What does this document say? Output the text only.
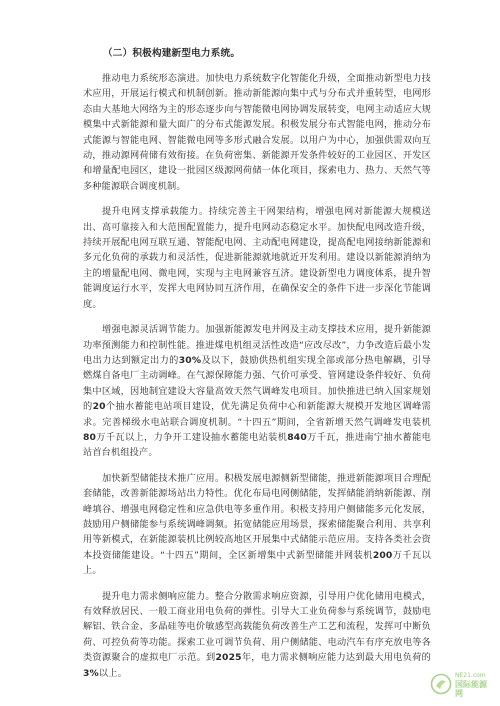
（二）积极构建新型电力系统。

推动电力系统形态演进。加快电力系统数字化智能化升级，全面推动新型电力技术应用，开展运行模式和机制创新。推动新能源向集中式与分布式并重转型，电网形态由大基地大网络为主的形态逐步向与智能微电网协调发展转变，电网主动适应大规模集中式新能源和量大面广的分布式能源发展。积极发展分布式智能电网，推动分布式能源与智能电网、智能微电网等多形式融合发展。以用户为中心，加强供需双向互动，推动源网荷储有效衔接。在负荷密集、新能源开发条件较好的工业园区、开发区和增量配电园区，建设一批园区级源网荷储一体化项目，探索电力、热力、天然气等多种能源联合调度机制。

提升电网支撑承载能力。持续完善主干网架结构，增强电网对新能源大规模送出、高可靠接入和大范围配置能力，提升电网动态稳定水平。加快配电网改造升级，持续开展配电网互联互通、智能配电网、主动配电网建设，提高配电网接纳新能源和多元化负荷的承载力和灵活性，促进新能源就地就近开发利用。建设以新能源消纳为主的增量配电网、微电网，实现与主电网兼容互济。建设新型电力调度体系，提升智能调度运行水平，发挥大电网协同互济作用，在确保安全的条件下进一步深化节能调度。

增强电源灵活调节能力。加强新能源发电并网及主动支撑技术应用，提升新能源功率预测能力和控制性能。推进煤电机组灵活性改造“应改尽改”，力争改造后最小发电出力达到额定出力的30%及以下，鼓励供热机组实现全部或部分热电解耦，引导燃煤自备电厂主动调峰。在气源保障能力强、气价可承受、管网建设条件较好、负荷集中区域，因地制宜建设大容量高效天然气调峰发电项目。加快推进已纳入国家规划的20个抽水蓄能电站项目建设，优先满足负荷中心和新能源大规模开发地区调峰需求。完善梯级水电站联合调度机制。“十四五”期间，全省新增天然气调峰发电装机80万千瓦以上，力争开工建设抽水蓄能电站装机840万千瓦，推进南宁抽水蓄能电站首台机组投产。

加快新型储能技术推广应用。积极发展电源侧新型储能，推进新能源项目合理配套储能，改善新能源场站出力特性。优化布局电网侧储能，发挥储能消纳新能源、削峰填谷、增强电网稳定性和应急供电等多重作用。积极支持用户侧储能多元化发展，鼓励用户侧储能参与系统调峰调频。拓宽储能应用场景，探索储能聚合利用、共享利用等新模式，在新能源装机比例较高地区开展集中式储能示范应用。支持各类社会资本投资储能建设。“十四五”期间，全区新增集中式新型储能并网装机200万千瓦以上。

提升电力需求侧响应能力。整合分散需求响应资源，引导用户优化储用电模式，有效释放居民、一般工商业用电负荷的弹性。引导大工业负荷参与系统调节，鼓励电解铝、铁合金、多晶硅等电价敏感型高载能负荷改善生产工艺和流程，发挥可中断负荷、可控负荷等功能。探索工业可调节负荷、用户侧储能、电动汽车有序充放电等各类资源聚合的虚拟电厂示范。到2025年，电力需求侧响应能力达到最大用电负荷的3%以上。	NE21.com
国际能源网
